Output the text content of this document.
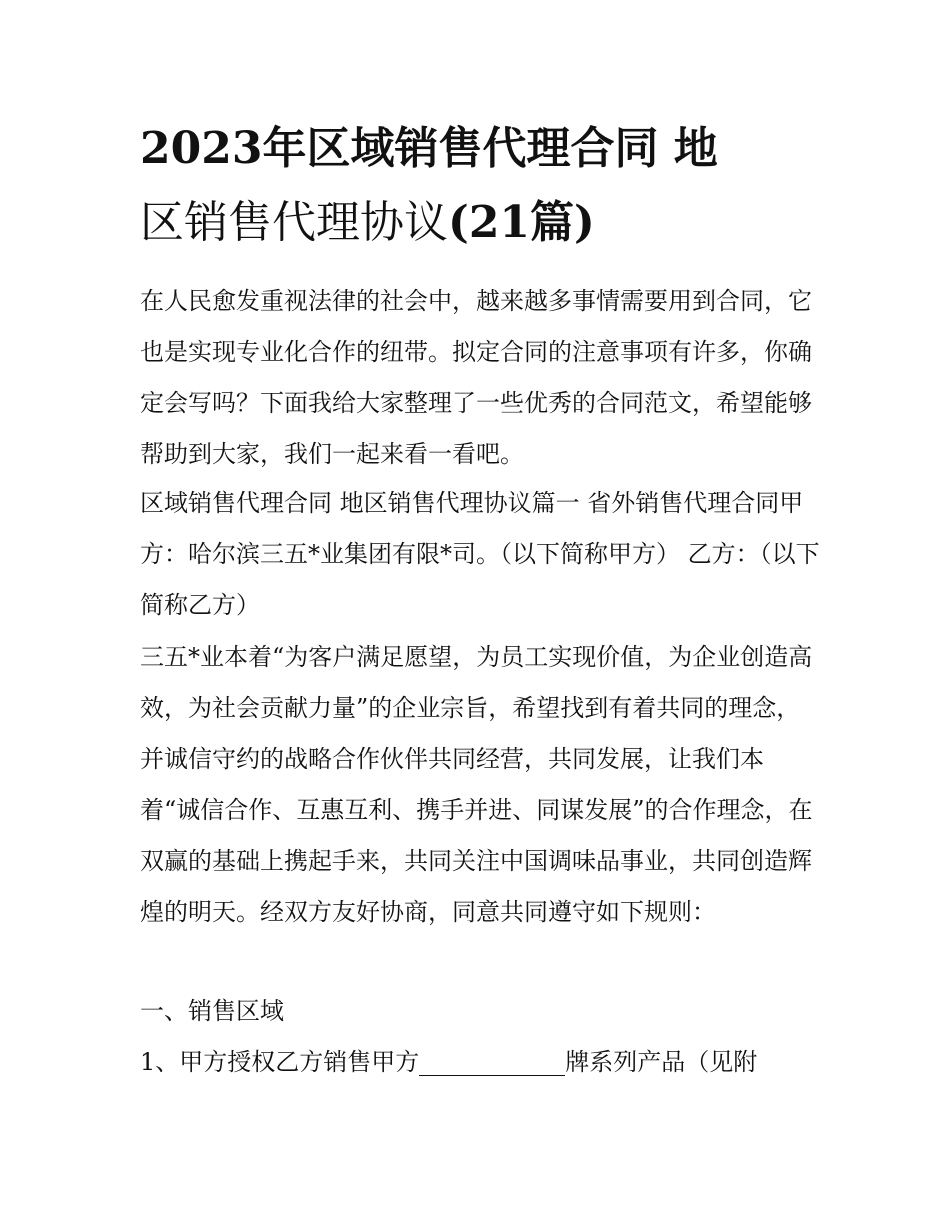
2023年区域销售代理合同 地
区销售代理协议(21篇)

在人民愈发重视法律的社会中，越来越多事情需要用到合同，它也是实现专业化合作的纽带。拟定合同的注意事项有许多，你确定会写吗？下面我给大家整理了一些优秀的合同范文，希望能够帮助到大家，我们一起来看一看吧。

区域销售代理合同 地区销售代理协议篇一 省外销售代理合同甲方：哈尔滨三五*业集团有限*司。（以下简称甲方） 乙方：（以下简称乙方）

三五*业本着“为客户满足愿望，为员工实现价值，为企业创造高效，为社会贡献力量”的企业宗旨，希望找到有着共同的理念，并诚信守约的战略合作伙伴共同经营，共同发展，让我们本着“诚信合作、互惠互利、携手并进、同谋发展”的合作理念，在双赢的基础上携起手来，共同关注中国调味品事业，共同创造辉煌的明天。经双方友好协商，同意共同遵守如下规则：

一、销售区域

1、甲方授权乙方销售甲方	牌系列产品（见附
